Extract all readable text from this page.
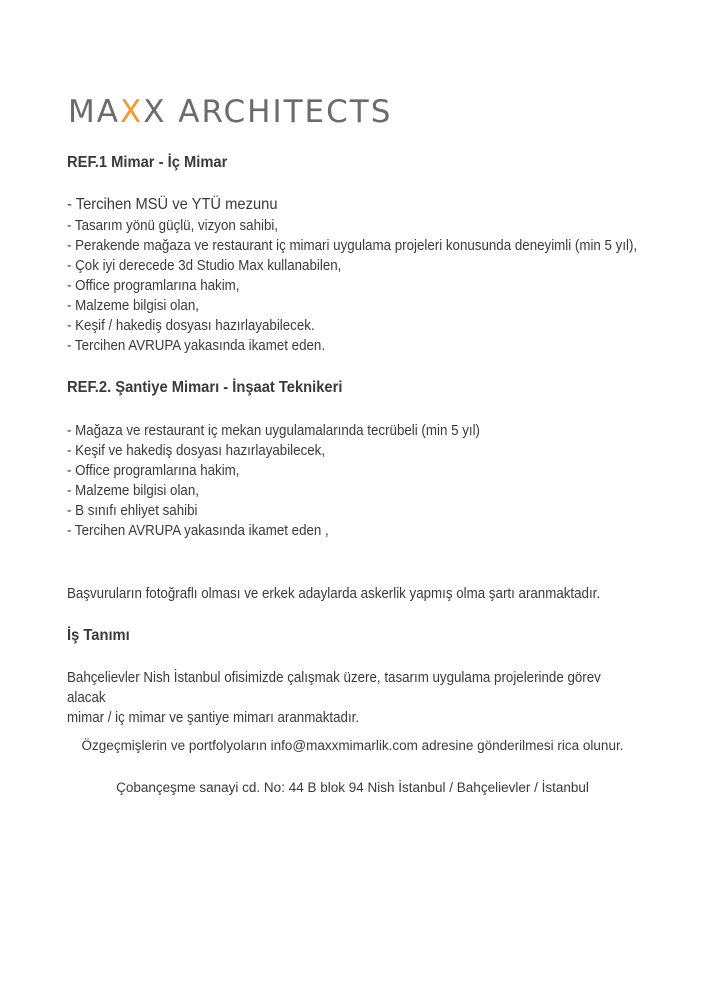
MAXX ARCHITECTS
REF.1 Mimar - İç Mimar
- Tercihen MSÜ ve YTÜ mezunu
- Tasarım yönü güçlü, vizyon sahibi,
- Perakende mağaza ve restaurant iç mimari uygulama projeleri konusunda deneyimli (min 5 yıl),
- Çok iyi derecede 3d Studio Max kullanabilen,
- Office programlarına hakim,
- Malzeme bilgisi olan,
- Keşif / hakediş dosyası hazırlayabilecek.
- Tercihen AVRUPA yakasında ikamet eden.
REF.2. Şantiye Mimarı - İnşaat Teknikeri
- Mağaza ve restaurant iç mekan uygulamalarında tecrübeli (min 5 yıl)
- Keşif ve hakediş dosyası hazırlayabilecek,
- Office programlarına hakim,
- Malzeme bilgisi olan,
- B sınıfı ehliyet sahibi
- Tercihen AVRUPA yakasında ikamet eden ,
Başvuruların fotoğraflı olması ve erkek adaylarda askerlik yapmış olma şartı aranmaktadır.
İş Tanımı
Bahçelievler Nish İstanbul ofisimizde çalışmak üzere, tasarım uygulama projelerinde görev alacak
mimar / iç mimar ve şantiye mimarı aranmaktadır.
Özgeçmişlerin ve portfolyoların info@maxxmimarlik.com adresine gönderilmesi rica olunur.
Çobançeşme sanayi cd. No: 44 B blok 94 Nish İstanbul / Bahçelievler / İstanbul
